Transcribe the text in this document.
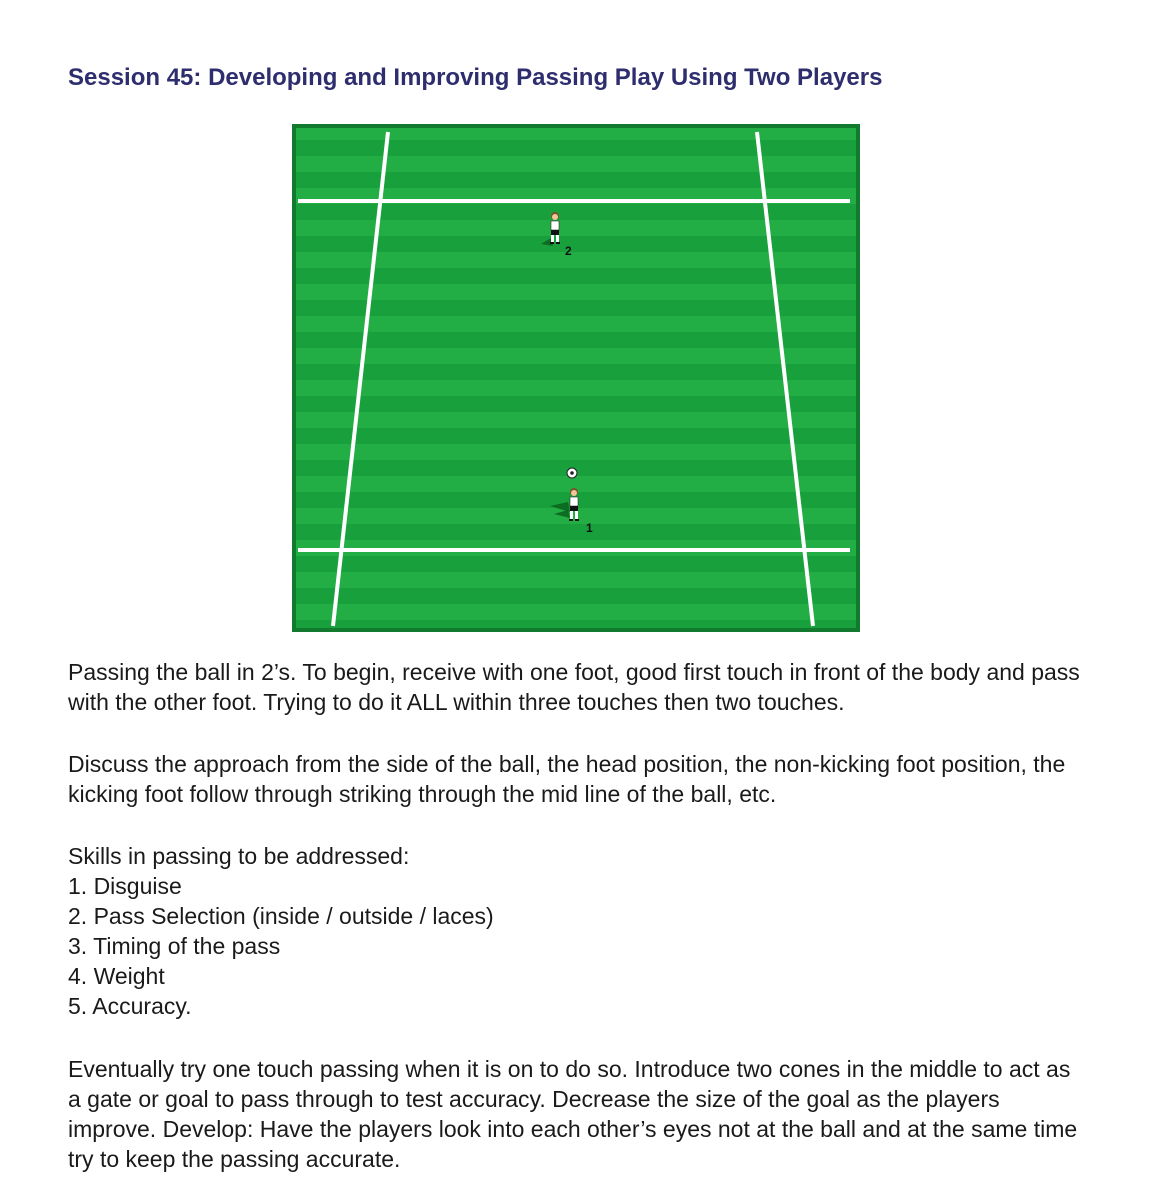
Session 45: Developing and Improving Passing Play Using Two Players
2
1
Passing the ball in 2’s. To begin, receive with one foot, good first touch in front of the body and pass with the other foot. Trying to do it ALL within three touches then two touches.
Discuss the approach from the side of the ball, the head position, the non-kicking foot position, the kicking foot follow through striking through the mid line of the ball, etc.
Skills in passing to be addressed:
1. Disguise
2. Pass Selection (inside / outside / laces)
3. Timing of the pass
4. Weight
5. Accuracy.
Eventually try one touch passing when it is on to do so. Introduce two cones in the middle to act as a gate or goal to pass through to test accuracy. Decrease the size of the goal as the players improve. Develop: Have the players look into each other’s eyes not at the ball and at the same time try to keep the passing accurate.
